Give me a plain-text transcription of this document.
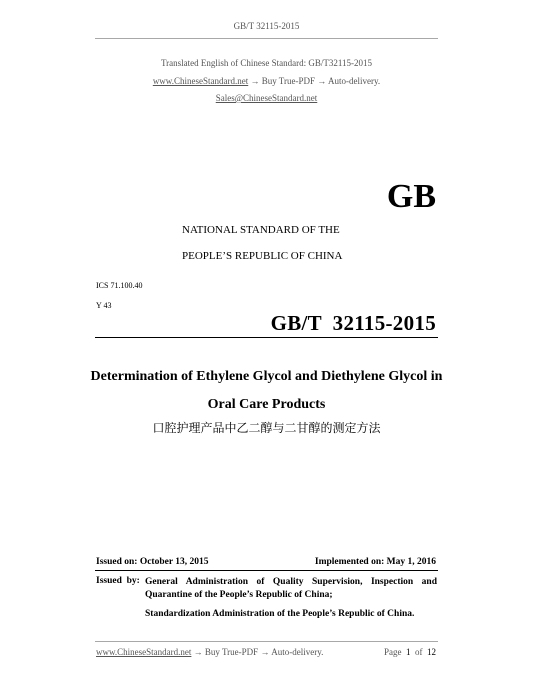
GB/T 32115-2015
Translated English of Chinese Standard: GB/T32115-2015
www.ChineseStandard.net → Buy True-PDF → Auto-delivery.
Sales@ChineseStandard.net
GB
NATIONAL STANDARD OF THE
PEOPLE’S REPUBLIC OF CHINA
ICS 71.100.40
Y 43
GB/T  32115-2015
Determination of Ethylene Glycol and Diethylene Glycol in
Oral Care Products
口腔护理产品中乙二醇与二甘醇的测定方法
Issued on: October 13, 2015	Implemented on: May 1, 2016
Issued  by: General Administration of Quality Supervision, Inspection and Quarantine of the People’s Republic of China;
Standardization Administration of the People’s Republic of China.
www.ChineseStandard.net → Buy True-PDF → Auto-delivery.	Page 1 of 12
